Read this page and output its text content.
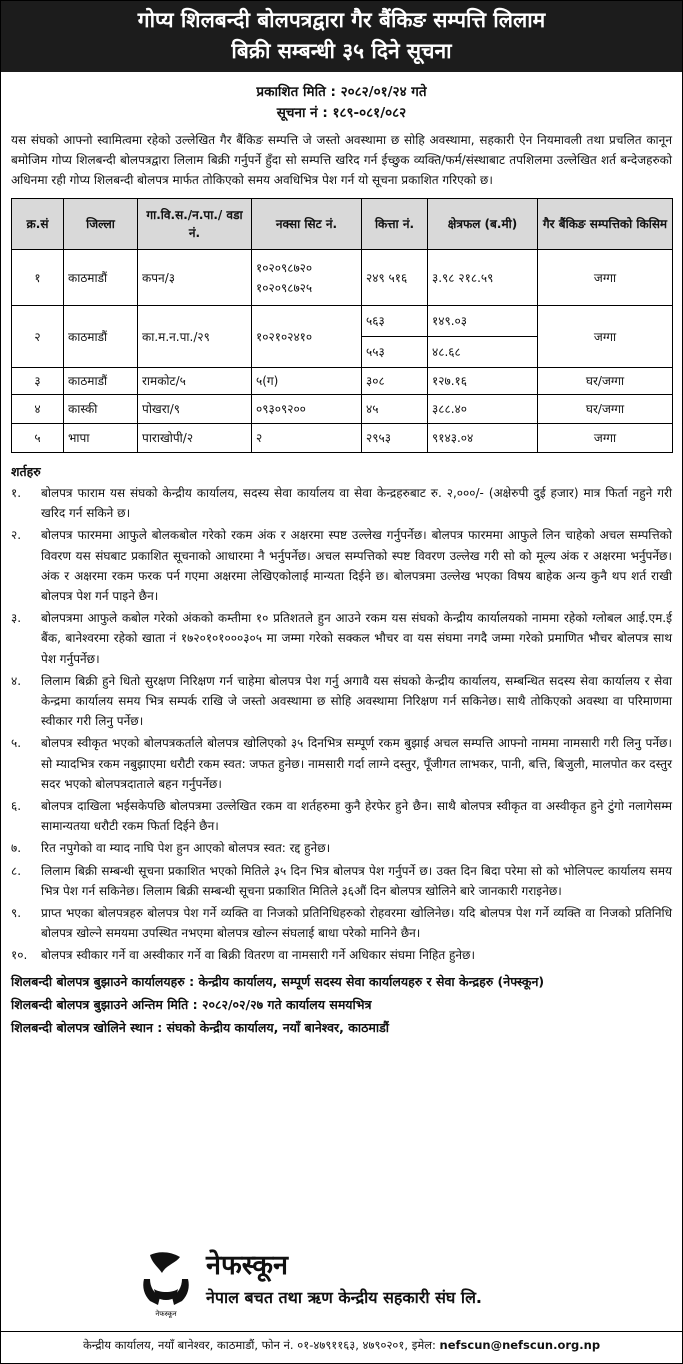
गोप्य शिलबन्दी बोलपत्रद्वारा गैर बैंकिङ सम्पत्ति लिलाम
बिक्री सम्बन्धी ३५ दिने सूचना
प्रकाशित मिति : २०८२/०१/२४ गते
सूचना नं : १८९-०८१/०८२

यस संघको आफ्नो स्वामित्वमा रहेको उल्लेखित गैर बैंकिङ सम्पत्ति जे जस्तो अवस्थामा छ सोहि अवस्थामा, सहकारी ऐन नियमावली तथा प्रचलित कानून बमोजिम गोप्य शिलबन्दी बोलपत्रद्वारा लिलाम बिक्री गर्नुपर्ने हुँदा सो सम्पत्ति खरिद गर्न ईच्छुक व्यक्ति/फर्म/संस्थाबाट तपशिलमा उल्लेखित शर्त बन्देजहरुको अधिनमा रही गोप्य शिलबन्दी बोलपत्र मार्फत तोकिएको समय अवधिभित्र पेश गर्न यो सूचना प्रकाशित गरिएको छ।

क्र.सं	जिल्ला	गा.वि.स./न.पा./ वडा नं.	नक्सा सिट नं.	कित्ता नं.	क्षेत्रफल (ब.मी)	गैर बैंकिङ सम्पत्तिको किसिम
१	काठमाडौं	कपन/३	१०२०९८७२० १०२०९८७२५	२४९ ५१६	३.९८ २१८.५९	जग्गा
२	काठमाडौं	का.म.न.पा./२९	१०२१०२४१०	५६३	१४९.०३	जग्गा
				५५३	४८.६८	
३	काठमाडौं	रामकोट/५	५(ग)	३०८	१२७.१६	घर/जग्गा
४	कास्की	पोखरा/९	०९३०९२००	४५	३८८.४०	घर/जग्गा
५	भापा	पाराखोपी/२	२	२९५३	९१४३.०४	जग्गा
शर्तहरु
१.	बोलपत्र फाराम यस संघको केन्द्रीय कार्यालय, सदस्य सेवा कार्यालय वा सेवा केन्द्रहरुबाट रु. २,०००/- (अक्षेरुपी दुई हजार) मात्र फिर्ता नहुने गरी खरिद गर्न सकिने छ।
२.	बोलपत्र फारममा आफुले बोलकबोल गरेको रकम अंक र अक्षरमा स्पष्ट उल्लेख गर्नुपर्नेछ। बोलपत्र फारममा आफुले लिन चाहेको अचल सम्पत्तिको विवरण यस संघबाट प्रकाशित सूचनाको आधारमा नै भर्नुपर्नेछ। अचल सम्पत्तिको स्पष्ट विवरण उल्लेख गरी सो को मूल्य अंक र अक्षरमा भर्नुपर्नेछ। अंक र अक्षरमा रकम फरक पर्न गएमा अक्षरमा लेखिएकोलाई मान्यता दिईने छ। बोलपत्रमा उल्लेख भएका विषय बाहेक अन्य कुनै थप शर्त राखी बोलपत्र पेश गर्न पाइने छैन।
३.	बोलपत्रमा आफुले कबोल गरेको अंकको कम्तीमा १० प्रतिशतले हुन आउने रकम यस संघको केन्द्रीय कार्यालयको नाममा रहेको ग्लोबल आई.एम.ई बैंक, बानेश्वरमा रहेको खाता नं १७२०१०१०००३०५ मा जम्मा गरेको सक्कल भौचर वा यस संघमा नगदै जम्मा गरेको प्रमाणित भौचर बोलपत्र साथ पेश गर्नुपर्नेछ।
४.	लिलाम बिक्री हुने धितो सुरक्षण निरिक्षण गर्न चाहेमा बोलपत्र पेश गर्नु अगावै यस संघको केन्द्रीय कार्यालय, सम्बन्धित सदस्य सेवा कार्यालय र सेवा केन्द्रमा कार्यालय समय भित्र सम्पर्क राखि जे जस्तो अवस्थामा छ सोहि अवस्थामा निरिक्षण गर्न सकिनेछ। साथै तोकिएको अवस्था वा परिमाणमा स्वीकार गरी लिनु पर्नेछ।
५.	बोलपत्र स्वीकृत भएको बोलपत्रकर्ताले बोलपत्र खोलिएको ३५ दिनभित्र सम्पूर्ण रकम बुझाई अचल सम्पत्ति आफ्नो नाममा नामसारी गरी लिनु पर्नेछ। सो म्यादभित्र रकम नबुझाएमा धरौटी रकम स्वत: जफत हुनेछ। नामसारी गर्दा लाग्ने दस्तुर, पूँजीगत लाभकर, पानी, बत्ति, बिजुली, मालपोत कर दस्तुर सदर भएको बोलपत्रदाताले बहन गर्नुपर्नेछ।
६.	बोलपत्र दाखिला भईसकेपछि बोलपत्रमा उल्लेखित रकम वा शर्तहरुमा कुनै हेरफेर हुने छैन। साथै बोलपत्र स्वीकृत वा अस्वीकृत हुने टुंगो नलागेसम्म सामान्यतया धरौटी रकम फिर्ता दिईने छैन।
७.	रित नपुगेको वा म्याद नाघि पेश हुन आएको बोलपत्र स्वत: रद्द हुनेछ।
८.	लिलाम बिक्री सम्बन्धी सूचना प्रकाशित भएको मितिले ३५ दिन भित्र बोलपत्र पेश गर्नुपर्ने छ। उक्त दिन बिदा परेमा सो को भोलिपल्ट कार्यालय समय भित्र पेश गर्न सकिनेछ। लिलाम बिक्री सम्बन्धी सूचना प्रकाशित मितिले ३६औं दिन बोलपत्र खोलिने बारे जानकारी गराइनेछ।
९.	प्राप्त भएका बोलपत्रहरु बोलपत्र पेश गर्ने व्यक्ति वा निजको प्रतिनिधिहरुको रोहवरमा खोलिनेछ। यदि बोलपत्र पेश गर्ने व्यक्ति वा निजको प्रतिनिधि बोलपत्र खोल्ने समयमा उपस्थित नभएमा बोलपत्र खोल्न संघलाई बाधा परेको मानिने छैन।
१०.	बोलपत्र स्वीकार गर्ने वा अस्वीकार गर्ने वा बिक्री वितरण वा नामसारी गर्ने अधिकार संघमा निहित हुनेछ।
शिलबन्दी बोलपत्र बुझाउने कार्यालयहरु : केन्द्रीय कार्यालय, सम्पूर्ण सदस्य सेवा कार्यालयहरु र सेवा केन्द्रहरु (नेफ्स्कून)
शिलबन्दी बोलपत्र बुझाउने अन्तिम मिति : २०८२/०२/२७ गते कार्यालय समयभित्र
शिलबन्दी बोलपत्र खोलिने स्थान : संघको केन्द्रीय कार्यालय, नयाँ बानेश्वर, काठमाडौं
नेफस्कून
नेफस्कून
नेपाल बचत तथा ऋण केन्द्रीय सहकारी संघ लि.
केन्द्रीय कार्यालय, नयाँ बानेश्वर, काठमाडौं, फोन नं. ०१-४७९११६३, ४७९०२०१, इमेल: nefscun@nefscun.org.np
